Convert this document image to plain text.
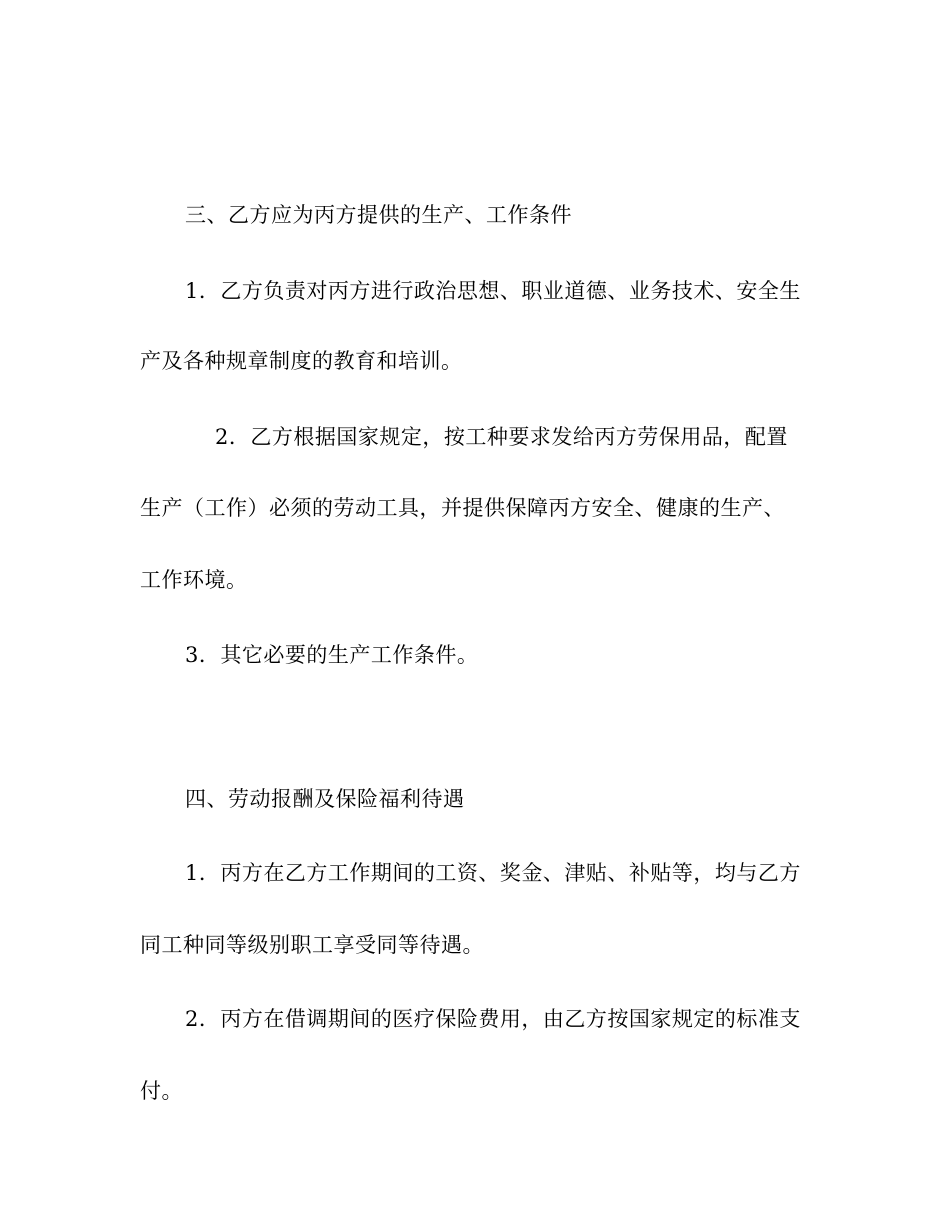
三、乙方应为丙方提供的生产、工作条件

1．乙方负责对丙方进行政治思想、职业道德、业务技术、安全生

产及各种规章制度的教育和培训。

2．乙方根据国家规定，按工种要求发给丙方劳保用品，配置

生产（工作）必须的劳动工具，并提供保障丙方安全、健康的生产、

工作环境。

3．其它必要的生产工作条件。

四、劳动报酬及保险福利待遇

1．丙方在乙方工作期间的工资、奖金、津贴、补贴等，均与乙方

同工种同等级别职工享受同等待遇。

2．丙方在借调期间的医疗保险费用，由乙方按国家规定的标准支

付。
